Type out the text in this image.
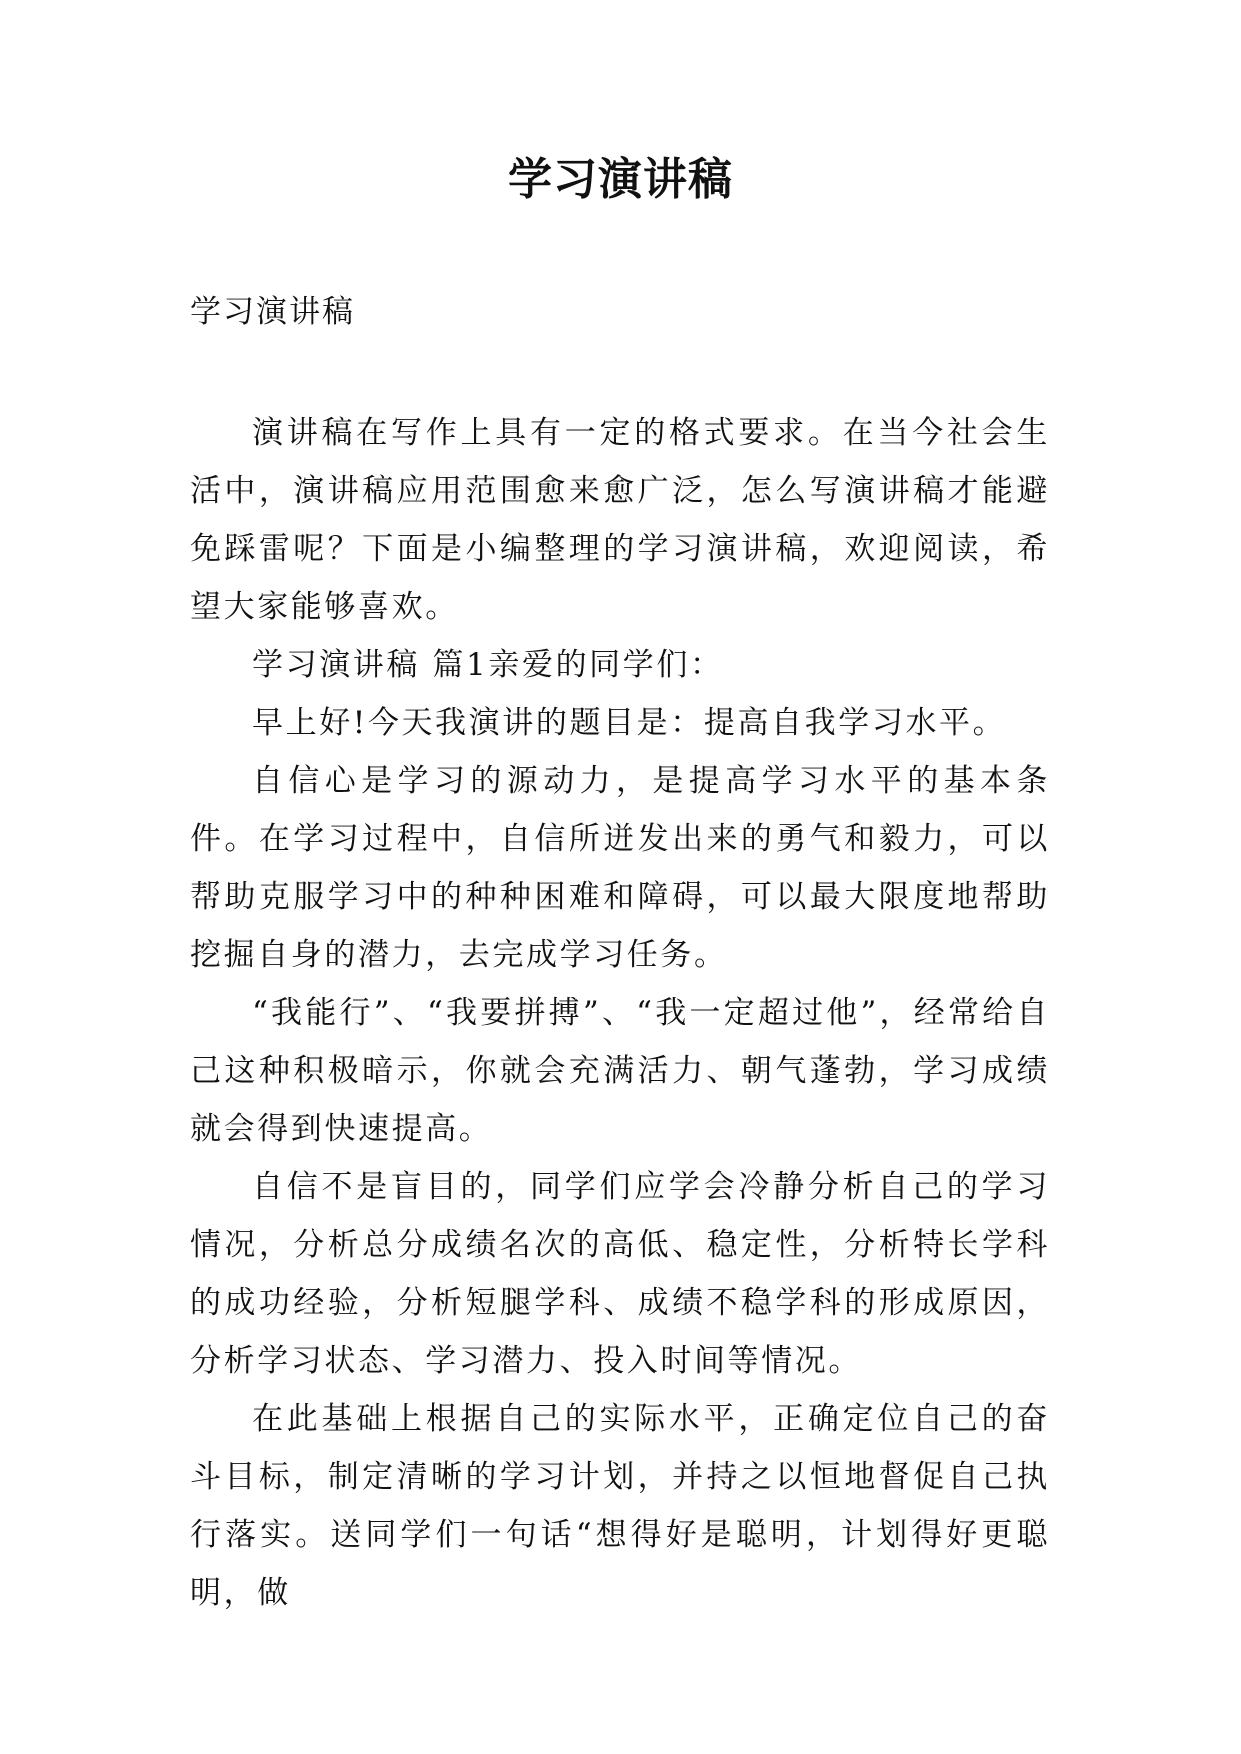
学习演讲稿
学习演讲稿

演讲稿在写作上具有一定的格式要求。在当今社会生活中，演讲稿应用范围愈来愈广泛，怎么写演讲稿才能避免踩雷呢？下面是小编整理的学习演讲稿，欢迎阅读，希望大家能够喜欢。

学习演讲稿 篇1亲爱的同学们：

早上好!今天我演讲的题目是：提高自我学习水平。

自信心是学习的源动力，是提高学习水平的基本条件。在学习过程中，自信所迸发出来的勇气和毅力，可以帮助克服学习中的种种困难和障碍，可以最大限度地帮助挖掘自身的潜力，去完成学习任务。

“我能行”、“我要拼搏”、“我一定超过他”，经常给自己这种积极暗示，你就会充满活力、朝气蓬勃，学习成绩就会得到快速提高。

自信不是盲目的，同学们应学会冷静分析自己的学习情况，分析总分成绩名次的高低、稳定性，分析特长学科的成功经验，分析短腿学科、成绩不稳学科的形成原因，分析学习状态、学习潜力、投入时间等情况。

在此基础上根据自己的实际水平，正确定位自己的奋斗目标，制定清晰的学习计划，并持之以恒地督促自己执行落实。送同学们一句话“想得好是聪明，计划得好更聪明，做
